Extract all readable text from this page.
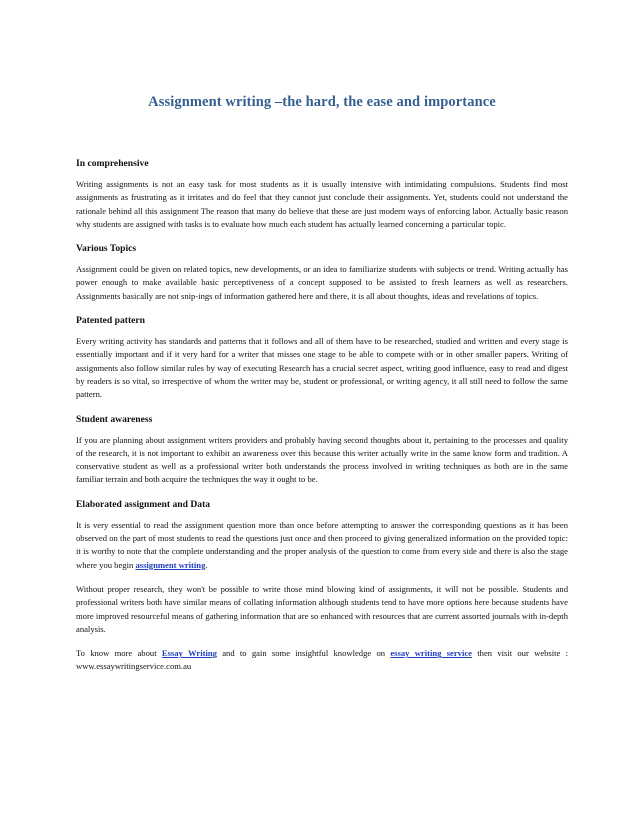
Assignment writing –the hard, the ease and importance

In comprehensive

Writing assignments is not an easy task for most students as it is usually intensive with intimidating compulsions. Students find most assignments as frustrating as it irritates and do feel that they cannot just conclude their assignments. Yet, students could not understand the rationale behind all this assignment The reason that many do believe that these are just modern ways of enforcing labor. Actually basic reason why students are assigned with tasks is to evaluate how much each student has actually learned concerning a particular topic.

Various Topics

Assignment could be given on related topics, new developments, or an idea to familiarize students with subjects or trend. Writing actually has power enough to make available basic perceptiveness of a concept supposed to be assisted to fresh learners as well as researchers. Assignments basically are not snip-ings of information gathered here and there, it is all about thoughts, ideas and revelations of topics.

Patented pattern

Every writing activity has standards and patterns that it follows and all of them have to be researched, studied and written and every stage is essentially important and if it very hard for a writer that misses one stage to be able to compete with or in other smaller papers. Writing of assignments also follow similar rules by way of executing Research has a crucial secret aspect, writing good influence, easy to read and digest by readers is so vital, so irrespective of whom the writer may be, student or professional, or writing agency, it all still need to follow the same pattern.

Student awareness

If you are planning about assignment writers providers and probably having second thoughts about it, pertaining to the processes and quality of the research, it is not important to exhibit an awareness over this because this writer actually write in the same know form and tradition. A conservative student as well as a professional writer both understands the process involved in writing techniques as both are in the same familiar terrain and both acquire the techniques the way it ought to be.

Elaborated assignment and Data

It is very essential to read the assignment question more than once before attempting to answer the corresponding questions as it has been observed on the part of most students to read the questions just once and then proceed to giving generalized information on the provided topic: it is worthy to note that the complete understanding and the proper analysis of the question to come from every side and there is also the stage where you begin assignment writing.

Without proper research, they won't be possible to write those mind blowing kind of assignments, it will not be possible. Students and professional writers both have similar means of collating information although students tend to have more options here because students have more improved resourceful means of gathering information that are so enhanced with resources that are current assorted journals with in-depth analysis.

To know more about Essay Writing and to gain some insightful knowledge on essay writing service then visit our website : www.essaywritingservice.com.au
